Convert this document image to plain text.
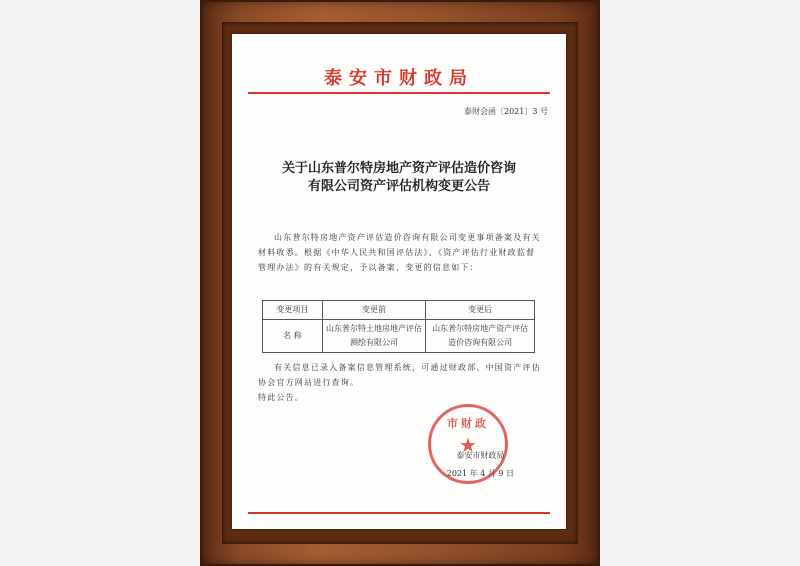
泰安市财政局
泰财会函〔2021〕3 号
关于山东普尔特房地产资产评估造价咨询
有限公司资产评估机构变更公告
山东普尔特房地产资产评估造价咨询有限公司变更事项备案及有关材料收悉。根据《中华人民共和国评估法》、《资产评估行业财政监督管理办法》的有关规定，予以备案，变更的信息如下：
变更项目	变更前	变更后
名 称	山东普尔特土地房地产评估测绘有限公司	山东普尔特房地产资产评估造价咨询有限公司
有关信息已录入备案信息管理系统，可通过财政部、中国资产评估协会官方网站进行查询。
特此公告。
市财政
★
泰安市财政局
2021 年 4 月 9 日
